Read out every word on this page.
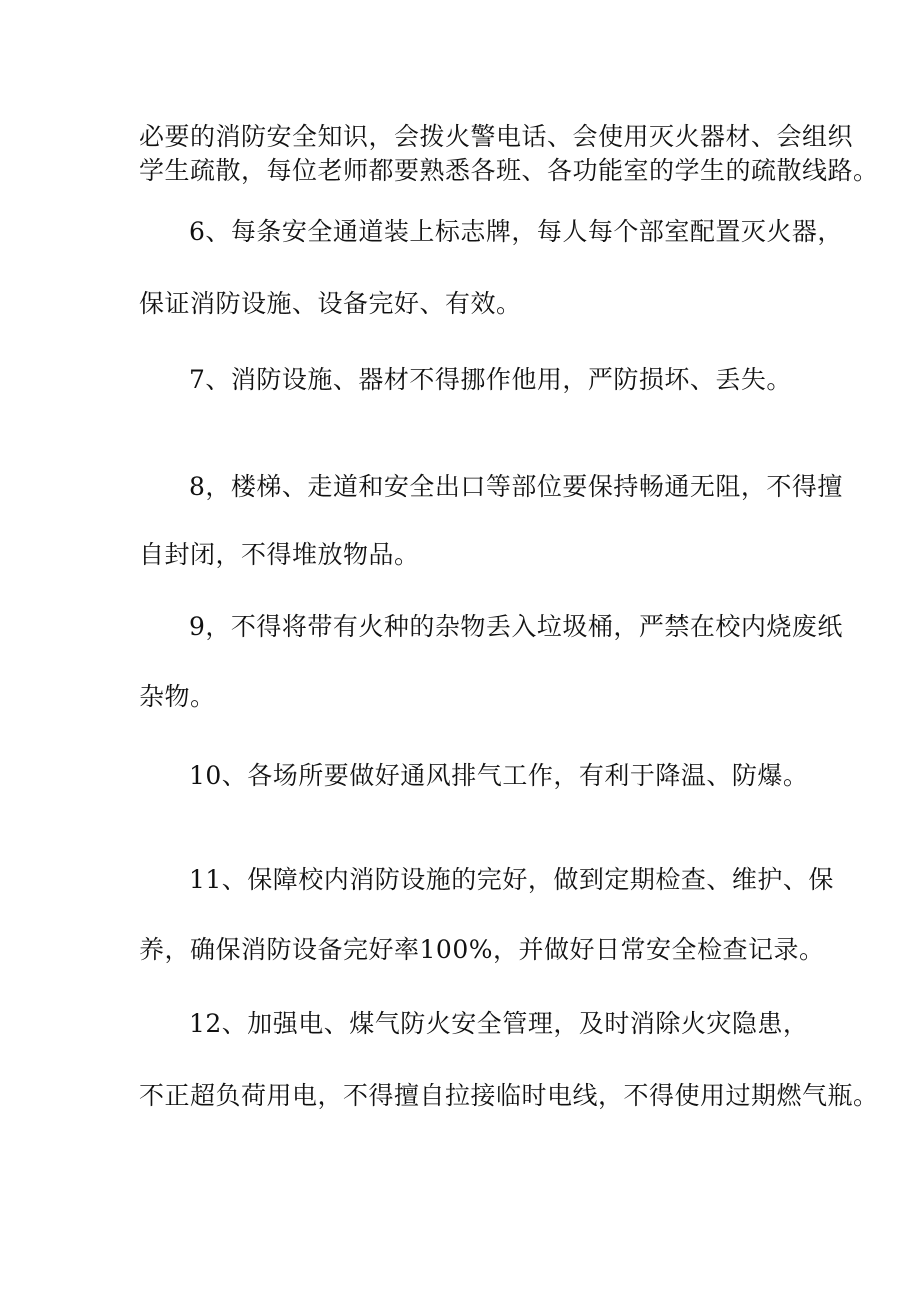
必要的消防安全知识，会拨火警电话、会使用灭火器材、会组织
学生疏散，每位老师都要熟悉各班、各功能室的学生的疏散线路。
6、每条安全通道装上标志牌，每人每个部室配置灭火器，
保证消防设施、设备完好、有效。
7、消防设施、器材不得挪作他用，严防损坏、丢失。
8，楼梯、走道和安全出口等部位要保持畅通无阻，不得擅
自封闭，不得堆放物品。
9，不得将带有火种的杂物丢入垃圾桶，严禁在校内烧废纸
杂物。
10、各场所要做好通风排气工作，有利于降温、防爆。
11、保障校内消防设施的完好，做到定期检查、维护、保
养，确保消防设备完好率100%，并做好日常安全检查记录。
12、加强电、煤气防火安全管理，及时消除火灾隐患，
不正超负荷用电，不得擅自拉接临时电线，不得使用过期燃气瓶。
